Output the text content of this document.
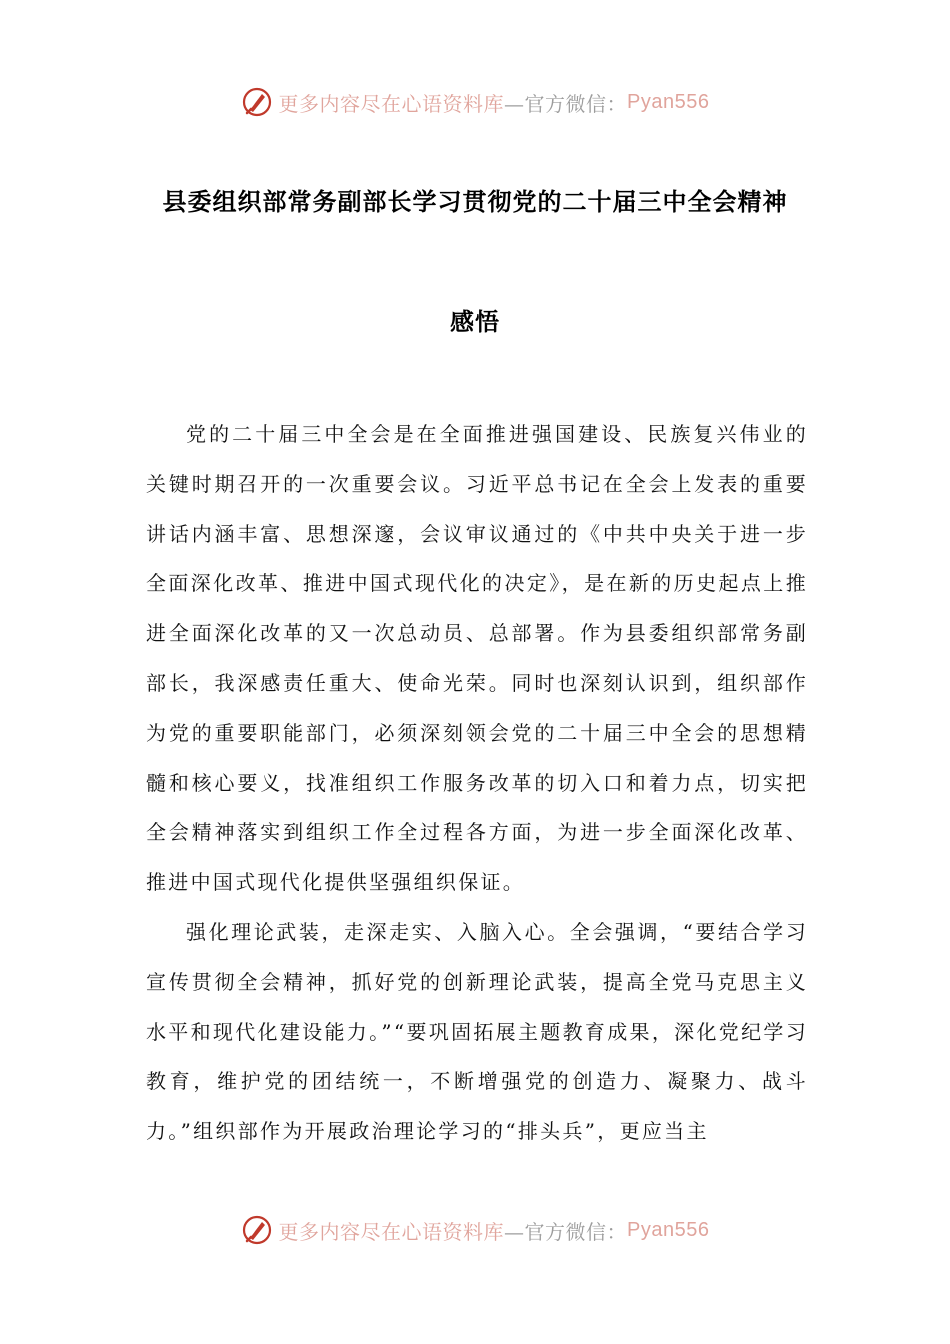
更多内容尽在心语资料库 —官方微信： Pyan556
县委组织部常务副部长学习贯彻党的二十届三中全会精神
感悟

党的二十届三中全会是在全面推进强国建设、民族复兴伟业的关键时期召开的一次重要会议。习近平总书记在全会上发表的重要讲话内涵丰富、思想深邃，会议审议通过的《中共中央关于进一步全面深化改革、推进中国式现代化的决定》，是在新的历史起点上推进全面深化改革的又一次总动员、总部署。作为县委组织部常务副部长，我深感责任重大、使命光荣。同时也深刻认识到，组织部作为党的重要职能部门，必须深刻领会党的二十届三中全会的思想精髓和核心要义，找准组织工作服务改革的切入口和着力点，切实把全会精神落实到组织工作全过程各方面，为进一步全面深化改革、推进中国式现代化提供坚强组织保证。

强化理论武装，走深走实、入脑入心。全会强调，“要结合学习宣传贯彻全会精神，抓好党的创新理论武装，提高全党马克思主义水平和现代化建设能力。”“要巩固拓展主题教育成果，深化党纪学习教育，维护党的团结统一，不断增强党的创造力、凝聚力、战斗力。”组织部作为开展政治理论学习的“排头兵”，更应当主

更多内容尽在心语资料库 —官方微信： Pyan556
